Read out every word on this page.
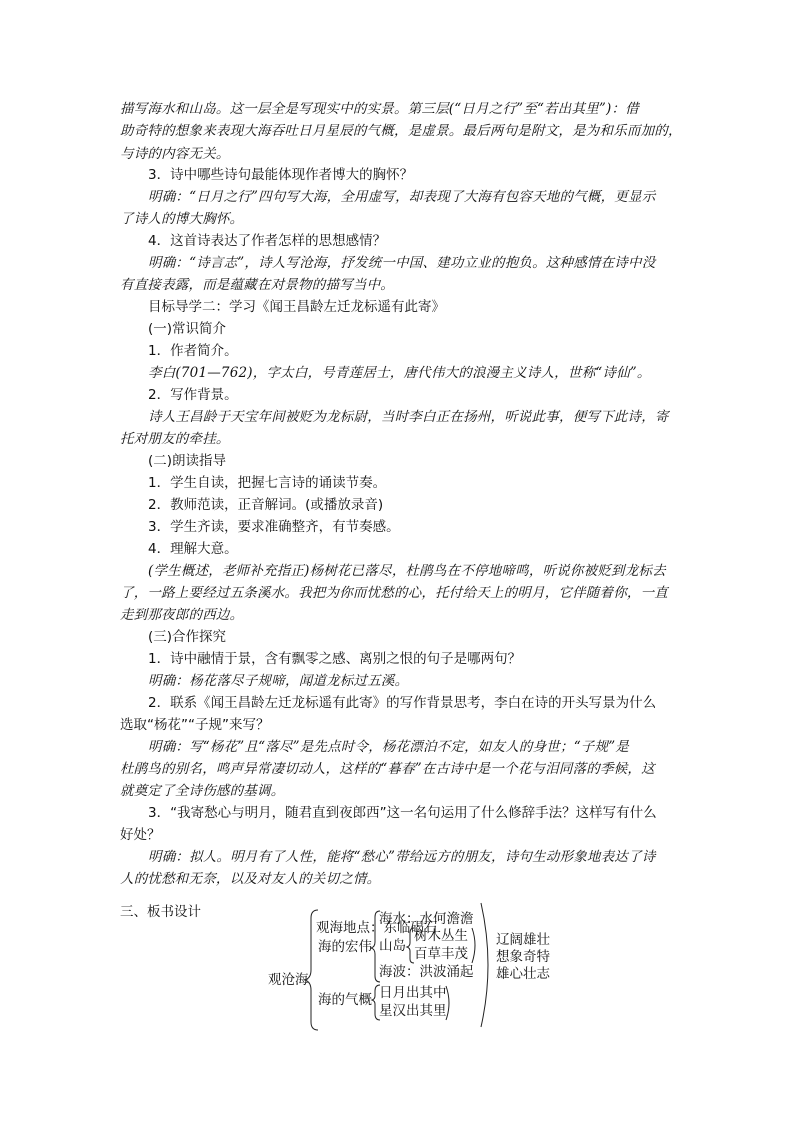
描写海水和山岛。这一层全是写现实中的实景。第三层(“日月之行”至“若出其里”)：借
助奇特的想象来表现大海吞吐日月星辰的气概，是虚景。最后两句是附文，是为和乐而加的，
与诗的内容无关。
3．诗中哪些诗句最能体现作者博大的胸怀？
明确：“日月之行”四句写大海，全用虚写，却表现了大海有包容天地的气概，更显示
了诗人的博大胸怀。
4．这首诗表达了作者怎样的思想感情？
明确：“诗言志”，诗人写沧海，抒发统一中国、建功立业的抱负。这种感情在诗中没
有直接表露，而是蕴藏在对景物的描写当中。
目标导学二：学习《闻王昌龄左迁龙标遥有此寄》
(一)常识简介
1．作者简介。
李白(701—762)，字太白，号青莲居士，唐代伟大的浪漫主义诗人，世称“诗仙”。
2．写作背景。
诗人王昌龄于天宝年间被贬为龙标尉，当时李白正在扬州，听说此事，便写下此诗，寄
托对朋友的牵挂。
(二)朗读指导
1．学生自读，把握七言诗的诵读节奏。
2．教师范读，正音解词。(或播放录音)
3．学生齐读，要求准确整齐，有节奏感。
4．理解大意。
(学生概述，老师补充指正)杨树花已落尽，杜鹃鸟在不停地啼鸣，听说你被贬到龙标去
了，一路上要经过五条溪水。我把为你而忧愁的心，托付给天上的明月，它伴随着你，一直
走到那夜郎的西边。
(三)合作探究
1．诗中融情于景，含有飘零之感、离别之恨的句子是哪两句？
明确：杨花落尽子规啼，闻道龙标过五溪。
2．联系《闻王昌龄左迁龙标遥有此寄》的写作背景思考，李白在诗的开头写景为什么
选取“杨花”“子规”来写？
明确：写“杨花”且“落尽”是先点时令，杨花漂泊不定，如友人的身世；“子规”是
杜鹃鸟的别名，鸣声异常凄切动人，这样的“暮春”在古诗中是一个花与泪同落的季候，这
就奠定了全诗伤感的基调。
3．“我寄愁心与明月，随君直到夜郎西”这一名句运用了什么修辞手法？这样写有什么
好处？
明确：拟人。明月有了人性，能将“愁心”带给远方的朋友，诗句生动形象地表达了诗
人的忧愁和无奈，以及对友人的关切之情。
三、板书设计
观海地点：东临碣石
观沧海
海的宏伟
海水：水何澹澹
山岛
树木丛生
百草丰茂
海波：洪波涌起
海的气概 日月出其中
星汉出其里
辽阔雄壮
想象奇特
雄心壮志
